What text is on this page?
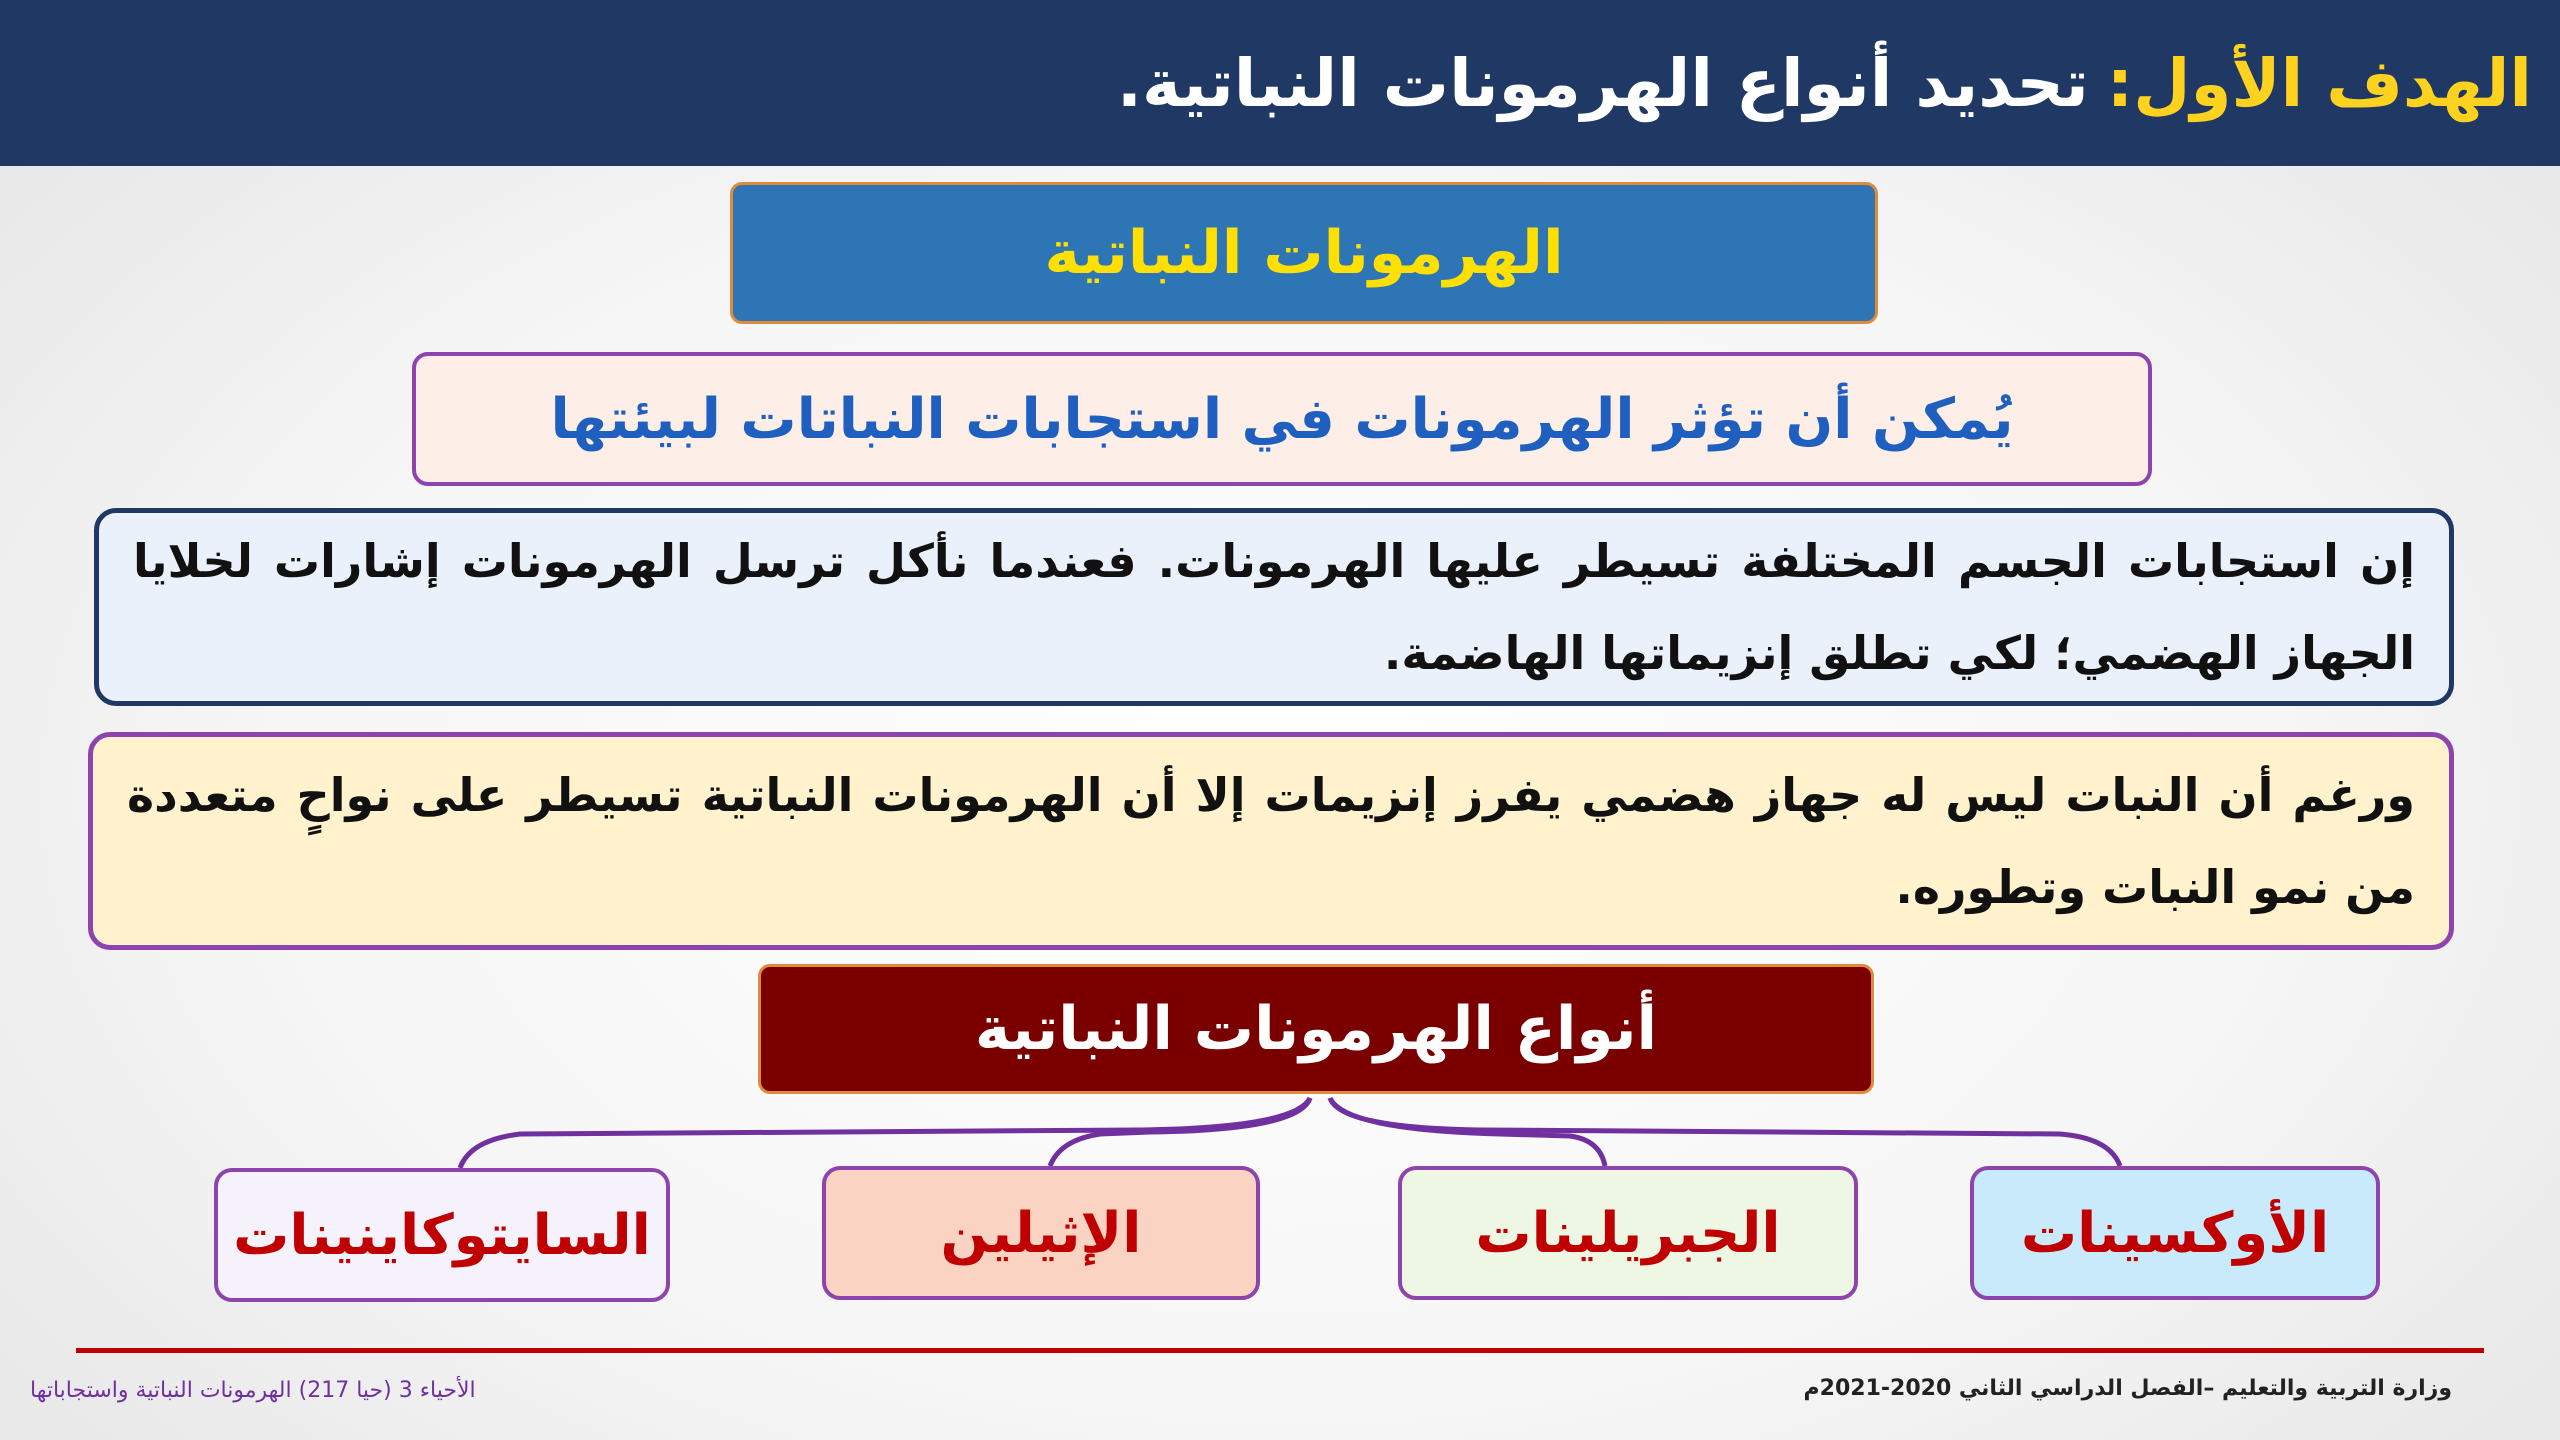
الهدف الأول
:
تحديد أنواع الهرمونات النباتية.
الهرمونات النباتية
يُمكن أن تؤثر الهرمونات في استجابات النباتات لبيئتها
إن استجابات الجسم المختلفة تسيطر عليها الهرمونات. فعندما نأكل ترسل الهرمونات إشارات لخلايا الجهاز الهضمي؛ لكي تطلق إنزيماتها الهاضمة.
ورغم أن النبات ليس له جهاز هضمي يفرز إنزيمات إلا أن الهرمونات النباتية تسيطر على نواحٍ متعددة من نمو النبات وتطوره.
أنواع الهرمونات النباتية
الأوكسينات
الجبريلينات
الإثيلين
السايتوكاينينات
وزارة التربية والتعليم –الفصل الدراسي الثاني 2020-2021م
الأحياء 3 (حيا 217) الهرمونات النباتية واستجاباتها
